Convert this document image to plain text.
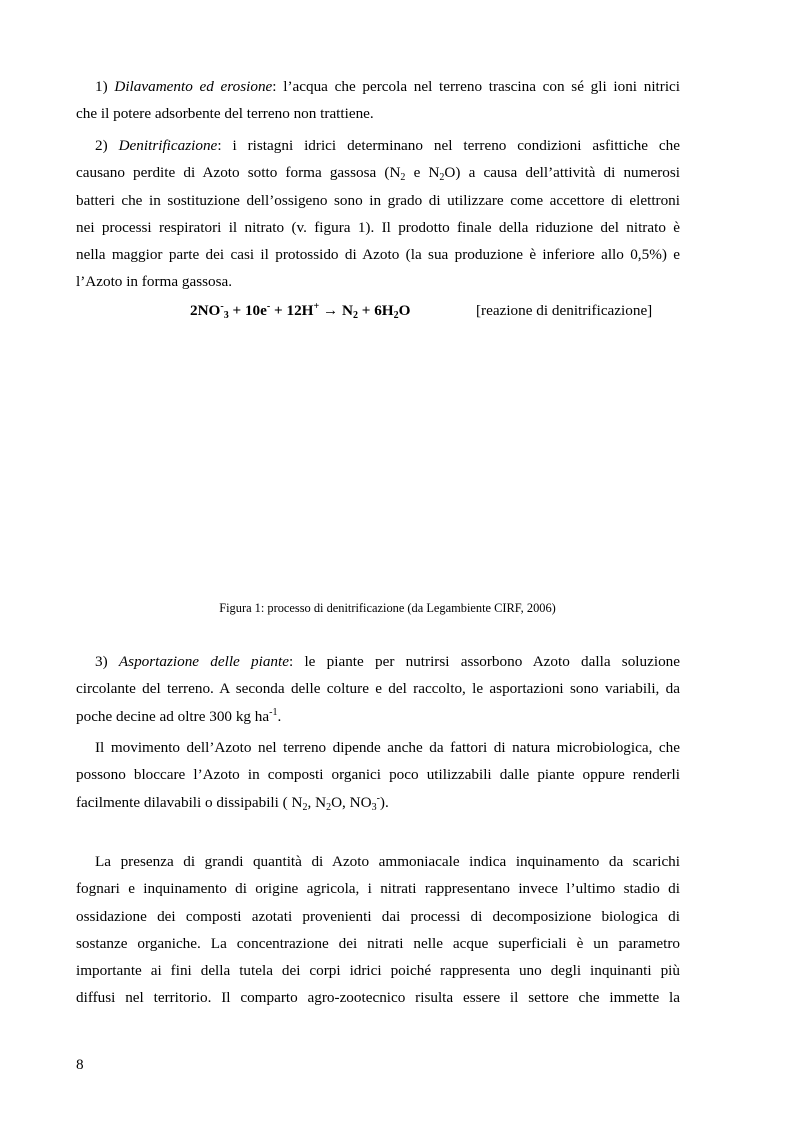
1) Dilavamento ed erosione: l’acqua che percola nel terreno trascina con sé gli ioni nitrici
che il potere adsorbente del terreno non trattiene.
2) Denitrificazione: i ristagni idrici determinano nel terreno condizioni asfittiche che
causano perdite di Azoto sotto forma gassosa ($N_2$ e $N_2O$) a causa dell’attività di numerosi
batteri che in sostituzione dell’ossigeno sono in grado di utilizzare come accettore di elettroni
nei processi respiratori il nitrato (v. figura 1). Il prodotto finale della riduzione del nitrato è
nella maggior parte dei casi il protossido di Azoto (la sua produzione è inferiore allo 0,5%) e
l’Azoto in forma gassosa.
$2NO^-_3 + 10e^- + 12H^+ \to N_2 + 6H_2O$	[reazione di denitrificazione]
Figura 1: processo di denitrificazione (da Legambiente CIRF, 2006)
3) Asportazione delle piante: le piante per nutrirsi assorbono Azoto dalla soluzione
circolante del terreno. A seconda delle colture e del raccolto, le asportazioni sono variabili, da
poche decine ad oltre 300 kg $ha^{-1}$.
Il movimento dell’Azoto nel terreno dipende anche da fattori di natura microbiologica, che
possono bloccare l’Azoto in composti organici poco utilizzabili dalle piante oppure renderli
facilmente dilavabili o dissipabili ( $N_2$, $N_2O$, $NO_3^-$).
La presenza di grandi quantità di Azoto ammoniacale indica inquinamento da scarichi
fognari e inquinamento di origine agricola, i nitrati rappresentano invece l’ultimo stadio di
ossidazione dei composti azotati provenienti dai processi di decomposizione biologica di
sostanze organiche. La concentrazione dei nitrati nelle acque superficiali è un parametro
importante ai fini della tutela dei corpi idrici poiché rappresenta uno degli inquinanti più
diffusi nel territorio. Il comparto agro-zootecnico risulta essere il settore che immette la
8
